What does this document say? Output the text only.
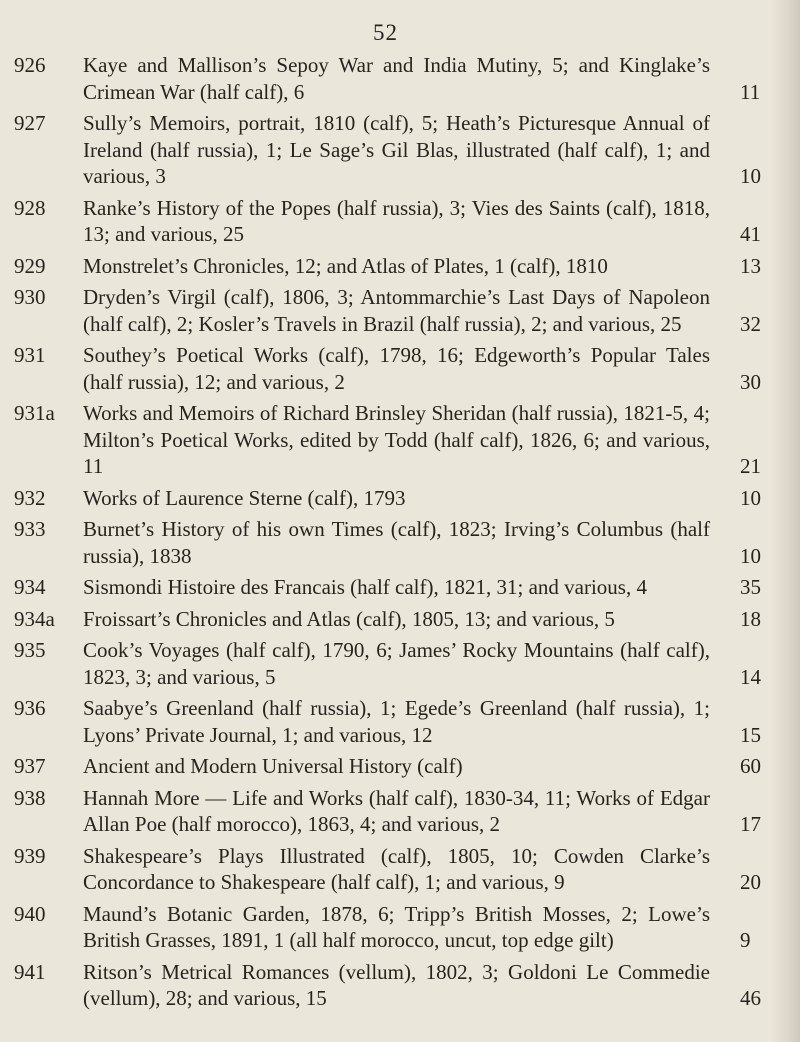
52
926	Kaye and Mallison’s Sepoy War and India Mutiny, 5; and Kinglake’s Crimean War (half calf), 6	11
927	Sully’s Memoirs, portrait, 1810 (calf), 5; Heath’s Picturesque Annual of Ireland (half russia), 1; Le Sage’s Gil Blas, illustrated (half calf), 1; and various, 3	10
928	Ranke’s History of the Popes (half russia), 3; Vies des Saints (calf), 1818, 13; and various, 25	41
929	Monstrelet’s Chronicles, 12; and Atlas of Plates, 1 (calf), 1810	13
930	Dryden’s Virgil (calf), 1806, 3; Antommarchie’s Last Days of Napoleon (half calf), 2; Kosler’s Travels in Brazil (half russia), 2; and various, 25	32
931	Southey’s Poetical Works (calf), 1798, 16; Edgeworth’s Popular Tales (half russia), 12; and various, 2	30
931a	Works and Memoirs of Richard Brinsley Sheridan (half russia), 1821-5, 4; Milton’s Poetical Works, edited by Todd (half calf), 1826, 6; and various, 11	21
932	Works of Laurence Sterne (calf), 1793	10
933	Burnet’s History of his own Times (calf), 1823; Irving’s Columbus (half russia), 1838	10
934	Sismondi Histoire des Francais (half calf), 1821, 31; and various, 4	35
934a	Froissart’s Chronicles and Atlas (calf), 1805, 13; and various, 5	18
935	Cook’s Voyages (half calf), 1790, 6; James’ Rocky Mountains (half calf), 1823, 3; and various, 5	14
936	Saabye’s Greenland (half russia), 1; Egede’s Greenland (half russia), 1; Lyons’ Private Journal, 1; and various, 12	15
937	Ancient and Modern Universal History (calf)	60
938	Hannah More — Life and Works (half calf), 1830-34, 11; Works of Edgar Allan Poe (half morocco), 1863, 4; and various, 2	17
939	Shakespeare’s Plays Illustrated (calf), 1805, 10; Cowden Clarke’s Concordance to Shakespeare (half calf), 1; and various, 9	20
940	Maund’s Botanic Garden, 1878, 6; Tripp’s British Mosses, 2; Lowe’s British Grasses, 1891, 1 (all half morocco, uncut, top edge gilt)	9
941	Ritson’s Metrical Romances (vellum), 1802, 3; Goldoni Le Commedie (vellum), 28; and various, 15	46
